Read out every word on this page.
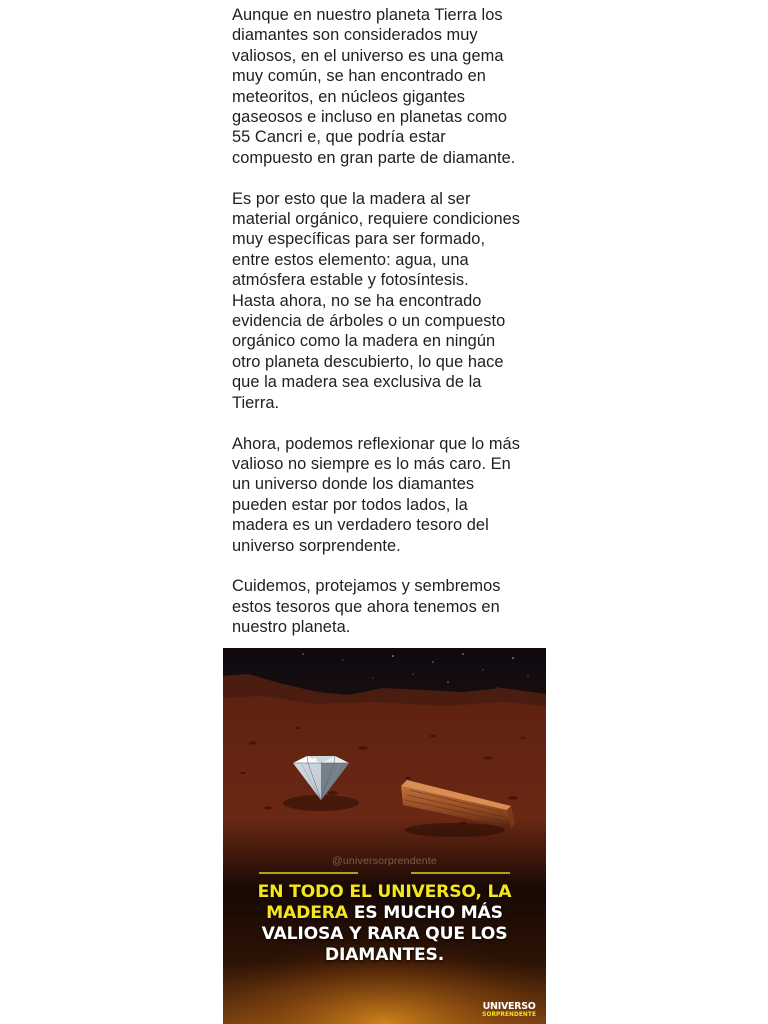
Aunque en nuestro planeta Tierra los
diamantes son considerados muy
valiosos, en el universo es una gema
muy común, se han encontrado en
meteoritos, en núcleos gigantes
gaseosos e incluso en planetas como
55 Cancri e, que podría estar
compuesto en gran parte de diamante.

Es por esto que la madera al ser
material orgánico, requiere condiciones
muy específicas para ser formado,
entre estos elemento: agua, una
atmósfera estable y fotosíntesis.
Hasta ahora, no se ha encontrado
evidencia de árboles o un compuesto
orgánico como la madera en ningún
otro planeta descubierto, lo que hace
que la madera sea exclusiva de la
Tierra.

Ahora, podemos reflexionar que lo más
valioso no siempre es lo más caro. En
un universo donde los diamantes
pueden estar por todos lados, la
madera es un verdadero tesoro del
universo sorprendente.

Cuidemos, protejamos y sembremos
estos tesoros que ahora tenemos en
nuestro planeta.

@universorprendente
EN TODO EL UNIVERSO, LA
MADERA ES MUCHO MÁS
VALIOSA Y RARA QUE LOS
DIAMANTES.
UNIVERSO
SORPRENDENTE
